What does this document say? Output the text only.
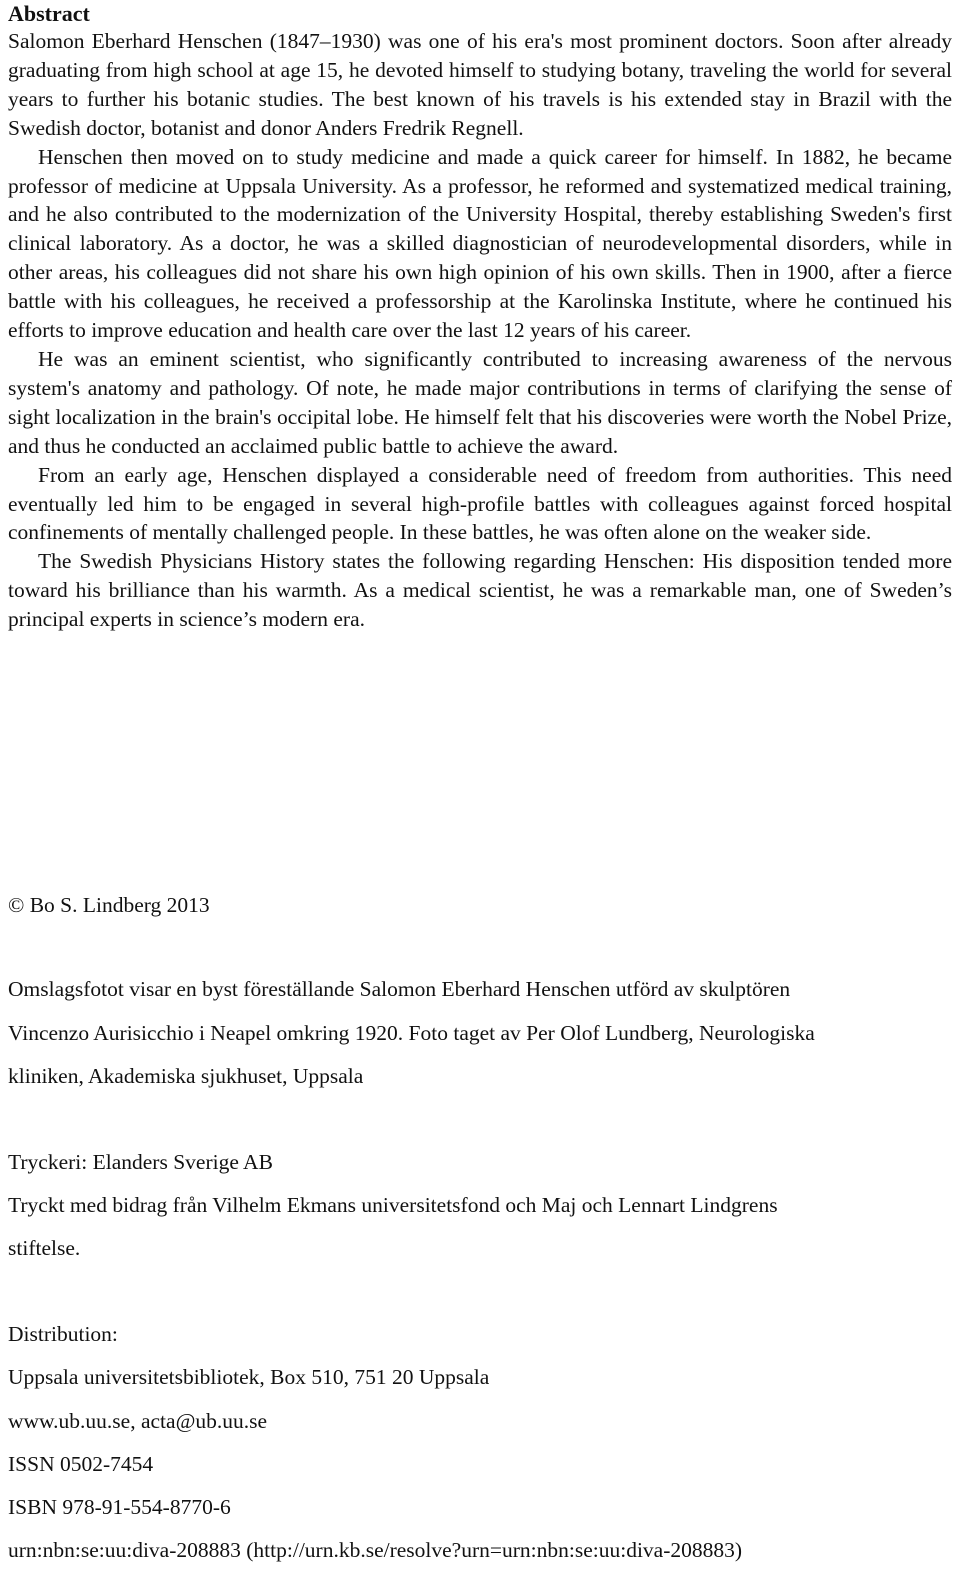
Abstract

Salomon Eberhard Henschen (1847–1930) was one of his era's most prominent doctors. Soon after already graduating from high school at age 15, he devoted himself to studying botany, traveling the world for several years to further his botanic studies. The best known of his travels is his extended stay in Brazil with the Swedish doctor, botanist and donor Anders Fredrik Regnell.

Henschen then moved on to study medicine and made a quick career for himself. In 1882, he became professor of medicine at Uppsala University. As a professor, he reformed and systematized medical training, and he also contributed to the modernization of the University Hospital, thereby establishing Sweden's first clinical laboratory. As a doctor, he was a skilled diagnostician of neurodevelopmental disorders, while in other areas, his colleagues did not share his own high opinion of his own skills. Then in 1900, after a fierce battle with his colleagues, he received a professorship at the Karolinska Institute, where he continued his efforts to improve education and health care over the last 12 years of his career.

He was an eminent scientist, who significantly contributed to increasing awareness of the nervous system's anatomy and pathology. Of note, he made major contributions in terms of clarifying the sense of sight localization in the brain's occipital lobe. He himself felt that his discoveries were worth the Nobel Prize, and thus he conducted an acclaimed public battle to achieve the award.

From an early age, Henschen displayed a considerable need of freedom from authorities. This need eventually led him to be engaged in several high-profile battles with colleagues against forced hospital confinements of mentally challenged people. In these battles, he was often alone on the weaker side.

The Swedish Physicians History states the following regarding Henschen: His disposition tended more toward his brilliance than his warmth. As a medical scientist, he was a remarkable man, one of Sweden’s principal experts in science’s modern era.

© Bo S. Lindberg 2013

Omslagsfotot visar en byst föreställande Salomon Eberhard Henschen utförd av skulptören

Vincenzo Aurisicchio i Neapel omkring 1920. Foto taget av Per Olof Lundberg, Neurologiska

kliniken, Akademiska sjukhuset, Uppsala

Tryckeri: Elanders Sverige AB

Tryckt med bidrag från Vilhelm Ekmans universitetsfond och Maj och Lennart Lindgrens

stiftelse.

Distribution:

Uppsala universitetsbibliotek, Box 510, 751 20 Uppsala

www.ub.uu.se, acta@ub.uu.se

ISSN 0502-7454

ISBN 978-91-554-8770-6

urn:nbn:se:uu:diva-208883 (http://urn.kb.se/resolve?urn=urn:nbn:se:uu:diva-208883)
